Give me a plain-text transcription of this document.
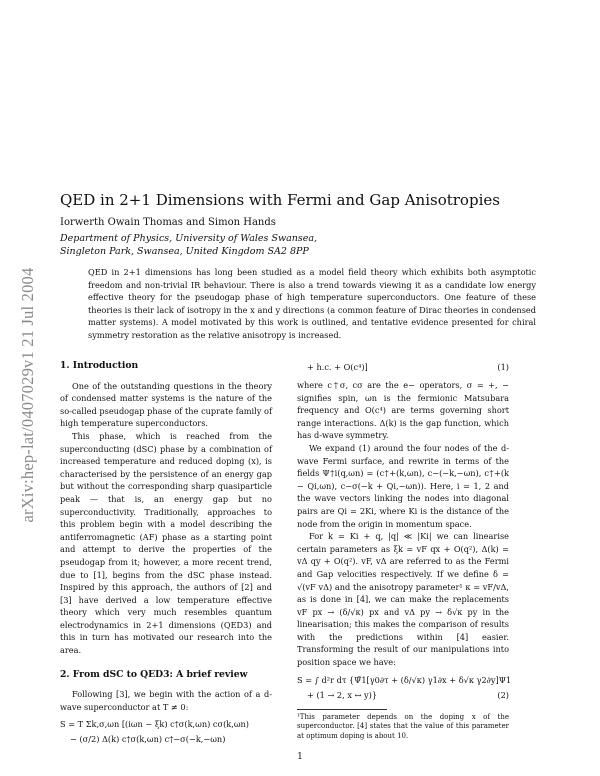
arXiv:hep-lat/0407029v1 21 Jul 2004
QED in 2+1 Dimensions with Fermi and Gap Anisotropies
Iorwerth Owain Thomas and Simon Hands
Department of Physics, University of Wales Swansea,
Singleton Park, Swansea, United Kingdom SA2 8PP

QED in 2+1 dimensions has long been studied as a model field theory which exhibits both asymptotic freedom and non-trivial IR behaviour. There is also a trend towards viewing it as a candidate low energy effective theory for the pseudogap phase of high temperature superconductors. One feature of these theories is their lack of isotropy in the x and y directions (a common feature of Dirac theories in condensed matter systems). A model motivated by this work is outlined, and tentative evidence presented for chiral symmetry restoration as the relative anisotropy is increased.

1. Introduction

One of the outstanding questions in the theory of condensed matter systems is the nature of the so-called pseudogap phase of the cuprate family of high temperature superconductors.

This phase, which is reached from the superconducting (dSC) phase by a combination of increased temperature and reduced doping (x), is characterised by the persistence of an energy gap but without the corresponding sharp quasiparticle peak — that is, an energy gap but no superconductivity. Traditionally, approaches to this problem begin with a model describing the antiferromagnetic (AF) phase as a starting point and attempt to derive the properties of the pseudogap from it; however, a more recent trend, due to [1], begins from the dSC phase instead. Inspired by this approach, the authors of [2] and [3] have derived a low temperature effective theory which very much resembles quantum electrodynamics in 2+1 dimensions (QED3) and this in turn has motivated our research into the area.

2. From dSC to QED3: A brief review

Following [3], we begin with the action of a d-wave superconductor at T ≠ 0:

S = T Σk,σ,ωn [(iωn − ξk) c†σ(k,ωn) cσ(k,ωn)
− (σ/2) Δ(k) c†σ(k,ωn) c†−σ(−k,−ωn)
+ h.c. + O(c⁴)]	(1)

where c†σ, cσ are the e− operators, σ = +, − signifies spin, ωn is the fermionic Matsubara frequency and O(c⁴) are terms governing short range interactions. Δ(k) is the gap function, which has d-wave symmetry.

We expand (1) around the four nodes of the d-wave Fermi surface, and rewrite in terms of the fields Ψ†i(q,ωn) = (c†+(k,ωn), c−(−k,−ωn), c†+(k − Qi,ωn), c−σ(−k + Qi,−ωn)). Here, i = 1, 2 and the wave vectors linking the nodes into diagonal pairs are Qi = 2Ki, where Ki is the distance of the node from the origin in momentum space.

For k = Ki + q, |q| ≪ |Ki| we can linearise certain parameters as ξk = vF qx + O(q²), Δ(k) = vΔ qy + O(q²). vF, vΔ are referred to as the Fermi and Gap velocities respectively. If we define δ = √(vF vΔ) and the anisotropy parameter¹ κ = vF/vΔ, as is done in [4], we can make the replacements vF px → (δ/√κ) px and vΔ py → δ√κ py in the linearisation; this makes the comparison of results with the predictions within [4] easier. Transforming the result of our manipulations into position space we have:

S = ∫ d²r dτ {Ψ̄1[γ0∂τ + (δ/√κ) γ1∂x + δ√κ γ2∂y]Ψ1
+ (1 → 2, x ↔ y)}	(2)
¹This parameter depends on the doping x of the superconductor. [4] states that the value of this parameter at optimum doping is about 10.
1
